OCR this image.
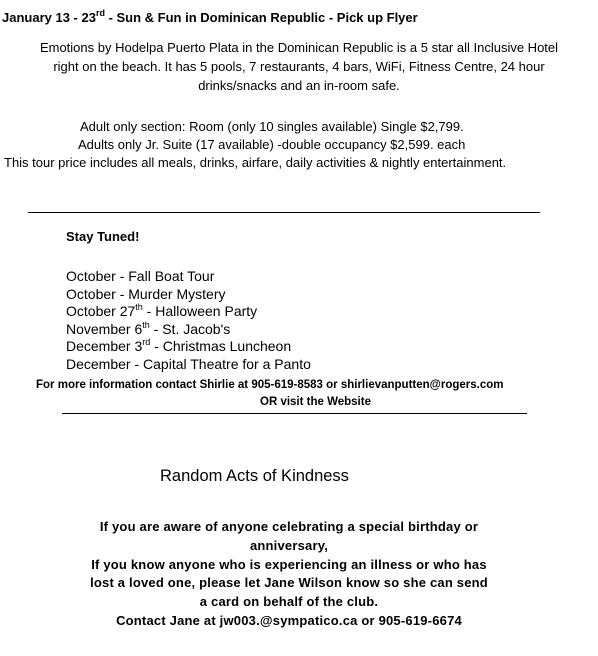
January 13 - 23rd - Sun & Fun in Dominican Republic - Pick up Flyer
Emotions by Hodelpa Puerto Plata in the Dominican Republic is a 5 star all Inclusive Hotel
right on the beach. It has 5 pools, 7 restaurants, 4 bars, WiFi, Fitness Centre, 24 hour
drinks/snacks and an in-room safe.
Adult only section: Room (only 10 singles available) Single $2,799.
Adults only Jr. Suite (17 available) -double occupancy $2,599. each
This tour price includes all meals, drinks, airfare, daily activities & nightly entertainment.
Stay Tuned!
October - Fall Boat Tour
October - Murder Mystery
October 27th - Halloween Party
November 6th - St. Jacob's
December 3rd - Christmas Luncheon
December - Capital Theatre for a Panto
For more information contact Shirlie at 905-619-8583 or shirlievanputten@rogers.com
OR visit the Website
Random Acts of Kindness
If you are aware of anyone celebrating a special birthday or
anniversary,
If you know anyone who is experiencing an illness or who has
lost a loved one, please let Jane Wilson know so she can send
a card on behalf of the club.
Contact Jane at jw003.@sympatico.ca or 905-619-6674
